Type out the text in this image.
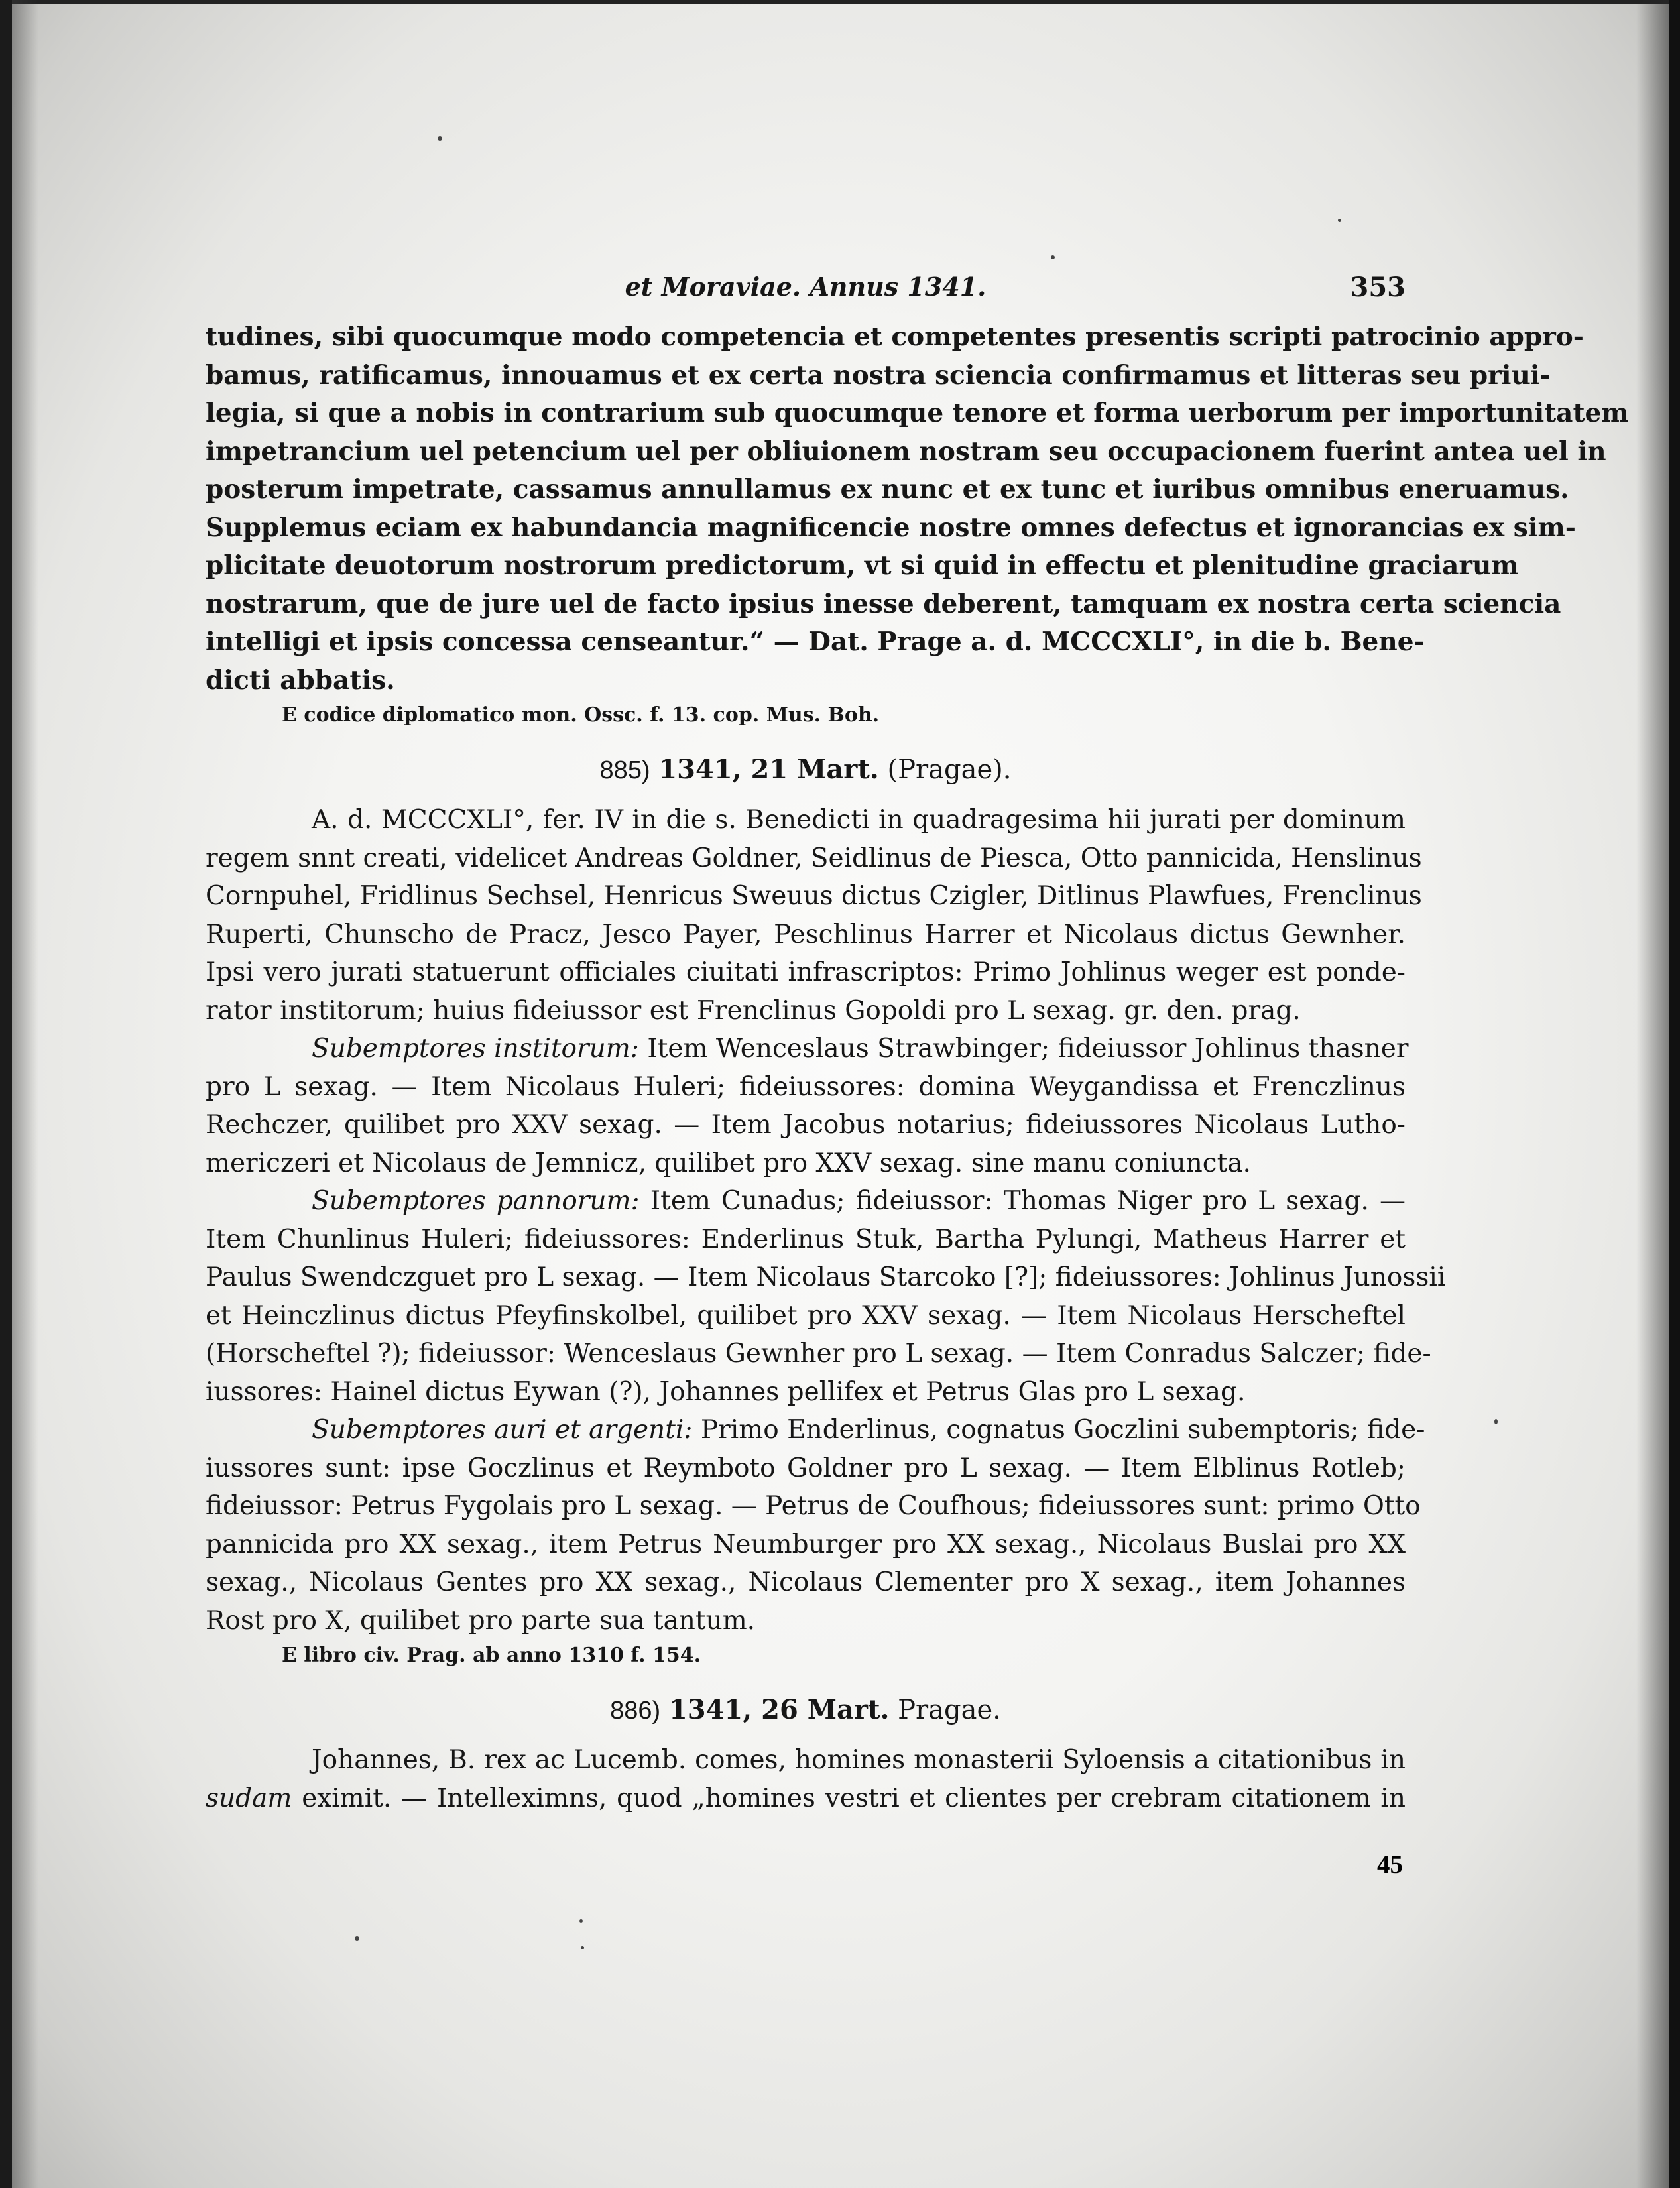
et Moraviae. Annus 1341.	353
tudines, sibi quocumque modo competencia et competentes presentis scripti patrocinio appro-
bamus, ratificamus, innouamus et ex certa nostra sciencia confirmamus et litteras seu priui-
legia, si que a nobis in contrarium sub quocumque tenore et forma uerborum per importunitatem
impetrancium uel petencium uel per obliuionem nostram seu occupacionem fuerint antea uel in
posterum impetrate, cassamus annullamus ex nunc et ex tunc et iuribus omnibus eneruamus.
Supplemus eciam ex habundancia magnificencie nostre omnes defectus et ignorancias ex sim-
plicitate deuotorum nostrorum predictorum, vt si quid in effectu et plenitudine graciarum
nostrarum, que de jure uel de facto ipsius inesse deberent, tamquam ex nostra certa sciencia
intelligi et ipsis concessa censeantur.“ — Dat. Prage a. d. MCCCXLI°, in die b. Bene-
dicti abbatis.
E codice diplomatico mon. Ossc. f. 13. cop. Mus. Boh.
885) 1341, 21 Mart. (Pragae).
A. d. MCCCXLI°, fer. IV in die s. Benedicti in quadragesima hii jurati per dominum
regem snnt creati, videlicet Andreas Goldner, Seidlinus de Piesca, Otto pannicida, Henslinus
Cornpuhel, Fridlinus Sechsel, Henricus Sweuus dictus Czigler, Ditlinus Plawfues, Frenclinus
Ruperti, Chunscho de Pracz, Jesco Payer, Peschlinus Harrer et Nicolaus dictus Gewnher.
Ipsi vero jurati statuerunt officiales ciuitati infrascriptos: Primo Johlinus weger est ponde-
rator institorum; huius fideiussor est Frenclinus Gopoldi pro L sexag. gr. den. prag.
Subemptores institorum: Item Wenceslaus Strawbinger; fideiussor Johlinus thasner
pro L sexag. — Item Nicolaus Huleri; fideiussores: domina Weygandissa et Frenczlinus
Rechczer, quilibet pro XXV sexag. — Item Jacobus notarius; fideiussores Nicolaus Lutho-
mericzeri et Nicolaus de Jemnicz, quilibet pro XXV sexag. sine manu coniuncta.
Subemptores pannorum: Item Cunadus; fideiussor: Thomas Niger pro L sexag. —
Item Chunlinus Huleri; fideiussores: Enderlinus Stuk, Bartha Pylungi, Matheus Harrer et
Paulus Swendczguet pro L sexag. — Item Nicolaus Starcoko [?]; fideiussores: Johlinus Junossii
et Heinczlinus dictus Pfeyfinskolbel, quilibet pro XXV sexag. — Item Nicolaus Herscheftel
(Horscheftel ?); fideiussor: Wenceslaus Gewnher pro L sexag. — Item Conradus Salczer; fide-
iussores: Hainel dictus Eywan (?), Johannes pellifex et Petrus Glas pro L sexag.
Subemptores auri et argenti: Primo Enderlinus, cognatus Goczlini subemptoris; fide-
iussores sunt: ipse Goczlinus et Reymboto Goldner pro L sexag. — Item Elblinus Rotleb;
fideiussor: Petrus Fygolais pro L sexag. — Petrus de Coufhous; fideiussores sunt: primo Otto
pannicida pro XX sexag., item Petrus Neumburger pro XX sexag., Nicolaus Buslai pro XX
sexag., Nicolaus Gentes pro XX sexag., Nicolaus Clementer pro X sexag., item Johannes
Rost pro X, quilibet pro parte sua tantum.
E libro civ. Prag. ab anno 1310 f. 154.
886) 1341, 26 Mart. Pragae.
Johannes, B. rex ac Lucemb. comes, homines monasterii Syloensis a citationibus in
sudam eximit. — Intelleximns, quod „homines vestri et clientes per crebram citationem in
45
